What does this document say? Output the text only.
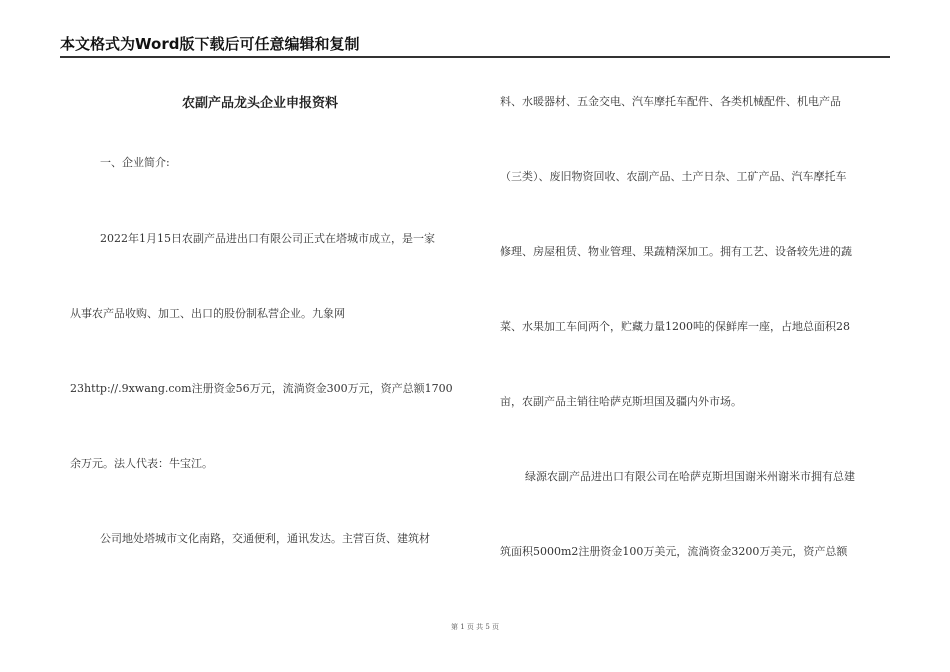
本文格式为Word版下载后可任意编辑和复制
农副产品龙头企业申报资料
一、企业简介:
2022年1月15日农副产品进出口有限公司正式在塔城市成立，是一家
从事农产品收购、加工、出口的股份制私营企业。九象网
23http://.9xwang.com注册资金56万元，流淌资金300万元，资产总额1700
余万元。法人代表：牛宝江。
公司地处塔城市文化南路，交通便利，通讯发达。主营百货、建筑材
料、水暖器材、五金交电、汽车摩托车配件、各类机械配件、机电产品
（三类）、废旧物资回收、农副产品、土产日杂、工矿产品、汽车摩托车
修理、房屋租赁、物业管理、果蔬精深加工。拥有工艺、设备较先进的蔬
菜、水果加工车间两个，贮藏力量1200吨的保鲜库一座，占地总面积28
亩，农副产品主销往哈萨克斯坦国及疆内外市场。
绿源农副产品进出口有限公司在哈萨克斯坦国谢米州谢米市拥有总建
筑面积5000m2注册资金100万美元，流淌资金3200万美元，资产总额
第 1 页 共 5 页
